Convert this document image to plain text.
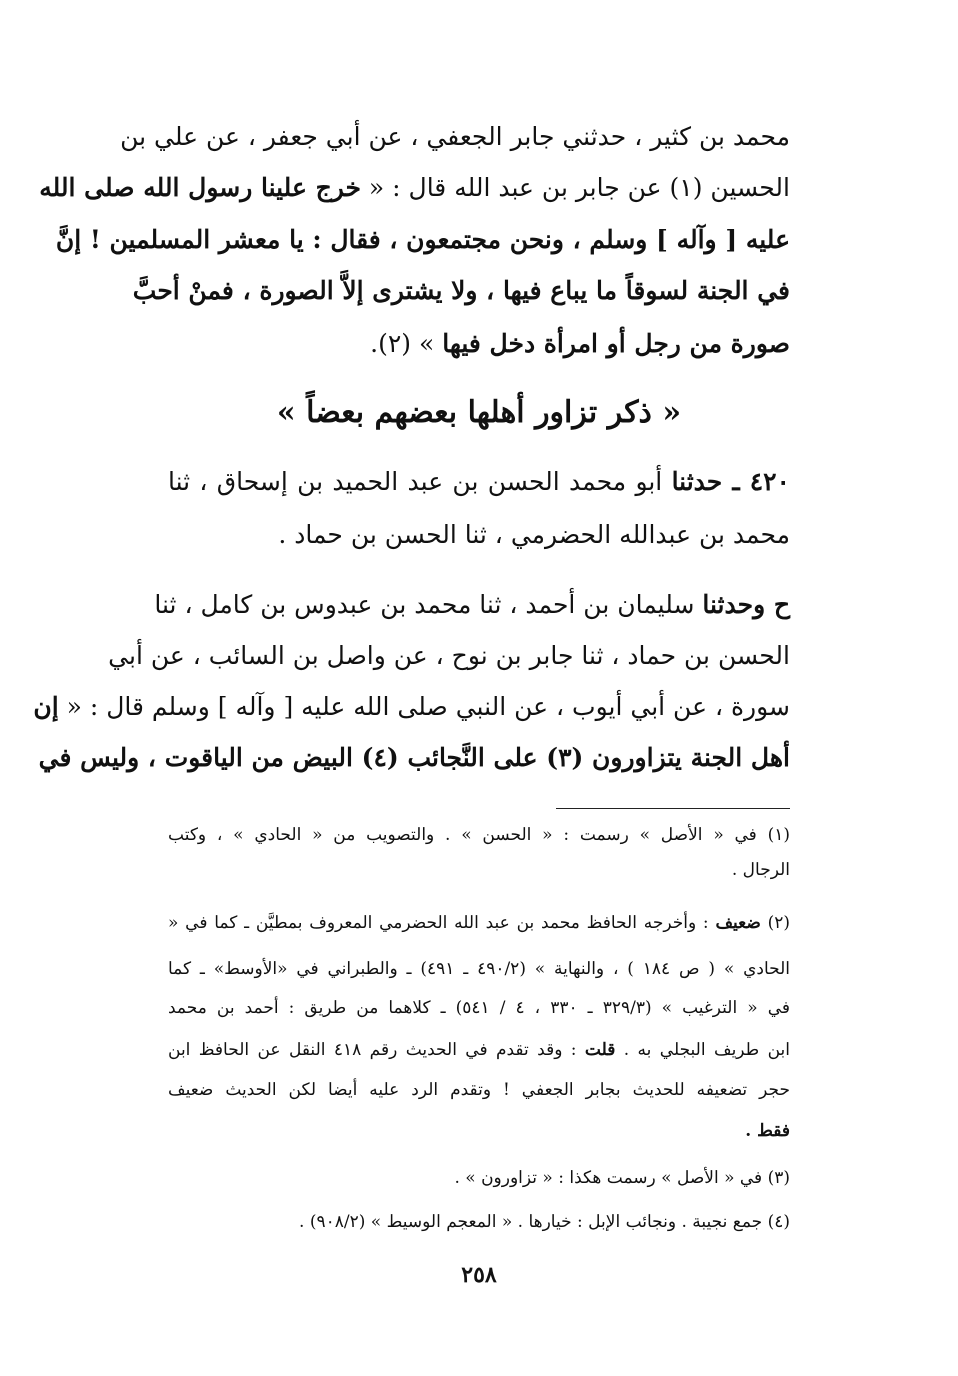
محمد بن كثير ، حدثني جابر الجعفي ، عن أبي جعفر ، عن علي بن
الحسين (١) عن جابر بن عبد الله قال : « خرج علينا رسول الله صلى الله
عليه [ وآله ] وسلم ، ونحن مجتمعون ، فقال : يا معشر المسلمين ! إنَّ
في الجنة لسوقاً ما يباع فيها ، ولا يشترى إلاَّ الصورة ، فمنْ أحبَّ
صورة من رجل أو امرأة دخل فيها » (٢).
« ذكر تزاور أهلها بعضهم بعضاً »
٤٢٠ ـ حدثنا أبو محمد الحسن بن عبد الحميد بن إسحاق ، ثنا
محمد بن عبدالله الحضرمي ، ثنا الحسن بن حماد .
ح وحدثنا سليمان بن أحمد ، ثنا محمد بن عبدوس بن كامل ، ثنا
الحسن بن حماد ، ثنا جابر بن نوح ، عن واصل بن السائب ، عن أبي
سورة ، عن أبي أيوب ، عن النبي صلى الله عليه [ وآله ] وسلم قال : « إن
أهل الجنة يتزاورون (٣) على النَّجائب (٤) البيض من الياقوت ، وليس في
(١) في « الأصل » رسمت : « الحسن » . والتصويب من « الحادي » ، وكتب
الرجال .
(٢) ضعيف : وأخرجه الحافظ محمد بن عبد الله الحضرمي المعروف بمطيَّن ـ كما في «
الحادي » ( ص ١٨٤ ) ، والنهاية » (٤٩٠/٢ ـ ٤٩١) ـ والطبراني في «الأوسط» ـ كما
في « الترغيب » (٣٢٩/٣ ـ ٣٣٠ ، ٤ / ٥٤١) ـ كلاهما من طريق : أحمد بن محمد
ابن طريف البجلي به . قلت : وقد تقدم في الحديث رقم ٤١٨ النقل عن الحافظ ابن
حجر تضعيفه للحديث بجابر الجعفي ! وتقدم الرد عليه أيضا لكن الحديث ضعيف
فقط .
(٣) في « الأصل » رسمت هكذا : « تزاورون » .
(٤) جمع نجيبة . ونجائب الإبل : خيارها . « المعجم الوسيط » (٩٠٨/٢) .
٢٥٨
